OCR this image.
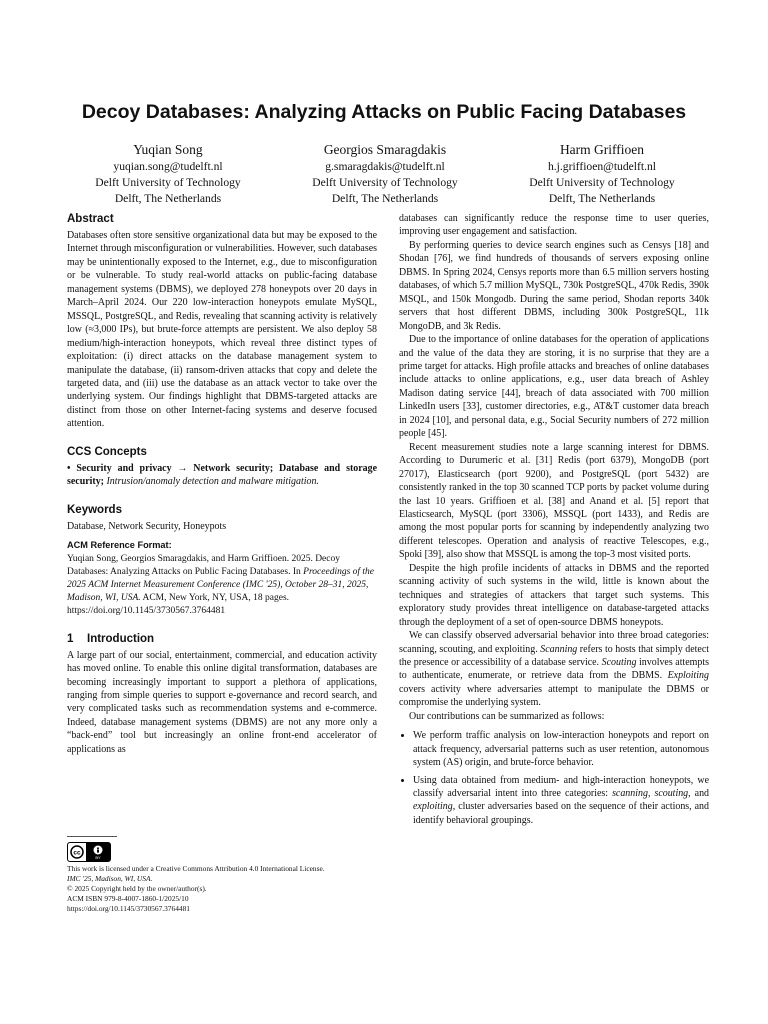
Decoy Databases: Analyzing Attacks on Public Facing Databases
Yuqian Song
yuqian.song@tudelft.nl
Delft University of Technology
Delft, The Netherlands
Georgios Smaragdakis
g.smaragdakis@tudelft.nl
Delft University of Technology
Delft, The Netherlands
Harm Griffioen
h.j.griffioen@tudelft.nl
Delft University of Technology
Delft, The Netherlands
Abstract

Databases often store sensitive organizational data but may be exposed to the Internet through misconfiguration or vulnerabilities. However, such databases may be unintentionally exposed to the Internet, e.g., due to misconfiguration or be vulnerable. To study real-world attacks on public-facing database management systems (DBMS), we deployed 278 honeypots over 20 days in March–April 2024. Our 220 low-interaction honeypots emulate MySQL, MSSQL, PostgreSQL, and Redis, revealing that scanning activity is relatively low (≈3,000 IPs), but brute-force attempts are persistent. We also deploy 58 medium/high-interaction honeypots, which reveal three distinct types of exploitation: (i) direct attacks on the database management system to manipulate the database, (ii) ransom-driven attacks that copy and delete the targeted data, and (iii) use the database as an attack vector to take over the underlying system. Our findings highlight that DBMS-targeted attacks are distinct from those on other Internet-facing systems and deserve focused attention.

CCS Concepts

• Security and privacy → Network security; Database and storage security; Intrusion/anomaly detection and malware mitigation.

Keywords

Database, Network Security, Honeypots

ACM Reference Format:

Yuqian Song, Georgios Smaragdakis, and Harm Griffioen. 2025. Decoy Databases: Analyzing Attacks on Public Facing Databases. In Proceedings of the 2025 ACM Internet Measurement Conference (IMC '25), October 28–31, 2025, Madison, WI, USA. ACM, New York, NY, USA, 18 pages. https://doi.org/10.1145/3730567.3764481

1 Introduction

A large part of our social, entertainment, commercial, and education activity has moved online. To enable this online digital transformation, databases are becoming increasingly important to support a plethora of applications, ranging from simple queries to support e-governance and record search, and very complicated tasks such as recommendation systems and e-commerce. Indeed, database management systems (DBMS) are not any more only a “back-end” tool but increasingly an online front-end accelerator of applications as

cc
BY
This work is licensed under a Creative Commons Attribution 4.0 International License.
IMC '25, Madison, WI, USA.
© 2025 Copyright held by the owner/author(s).
ACM ISBN 979-8-4007-1860-1/2025/10
https://doi.org/10.1145/3730567.3764481

databases can significantly reduce the response time to user queries, improving user engagement and satisfaction.

By performing queries to device search engines such as Censys [18] and Shodan [76], we find hundreds of thousands of servers exposing online DBMS. In Spring 2024, Censys reports more than 6.5 million servers hosting databases, of which 5.7 million MySQL, 730k PostgreSQL, 470k Redis, 390k MSQL, and 150k Mongodb. During the same period, Shodan reports 340k servers that host different DBMS, including 300k PostgreSQL, 11k MongoDB, and 3k Redis.

Due to the importance of online databases for the operation of applications and the value of the data they are storing, it is no surprise that they are a prime target for attacks. High profile attacks and breaches of online databases include attacks to online applications, e.g., user data breach of Ashley Madison dating service [44], breach of data associated with 700 million LinkedIn users [33], customer directories, e.g., AT&T customer data breach in 2024 [10], and personal data, e.g., Social Security numbers of 272 million people [45].

Recent measurement studies note a large scanning interest for DBMS. According to Durumeric et al. [31] Redis (port 6379), MongoDB (port 27017), Elasticsearch (port 9200), and PostgreSQL (port 5432) are consistently ranked in the top 30 scanned TCP ports by packet volume during the last 10 years. Griffioen et al. [38] and Anand et al. [5] report that Elasticsearch, MySQL (port 3306), MSSQL (port 1433), and Redis are among the most popular ports for scanning by independently analyzing two different telescopes. Operation and analysis of reactive Telescopes, e.g., Spoki [39], also show that MSSQL is among the top-3 most visited ports.

Despite the high profile incidents of attacks in DBMS and the reported scanning activity of such systems in the wild, little is known about the techniques and strategies of attackers that target such systems. This exploratory study provides threat intelligence on database-targeted attacks through the deployment of a set of open-source DBMS honeypots.

We can classify observed adversarial behavior into three broad categories: scanning, scouting, and exploiting. Scanning refers to hosts that simply detect the presence or accessibility of a database service. Scouting involves attempts to authenticate, enumerate, or retrieve data from the DBMS. Exploiting covers activity where adversaries attempt to manipulate the DBMS or compromise the underlying system.

Our contributions can be summarized as follows:

• We perform traffic analysis on low-interaction honeypots and report on attack frequency, adversarial patterns such as user retention, autonomous system (AS) origin, and brute-force behavior.
• Using data obtained from medium- and high-interaction honeypots, we classify adversarial intent into three categories: scanning, scouting, and exploiting, cluster adversaries based on the sequence of their actions, and identify behavioral groupings.
